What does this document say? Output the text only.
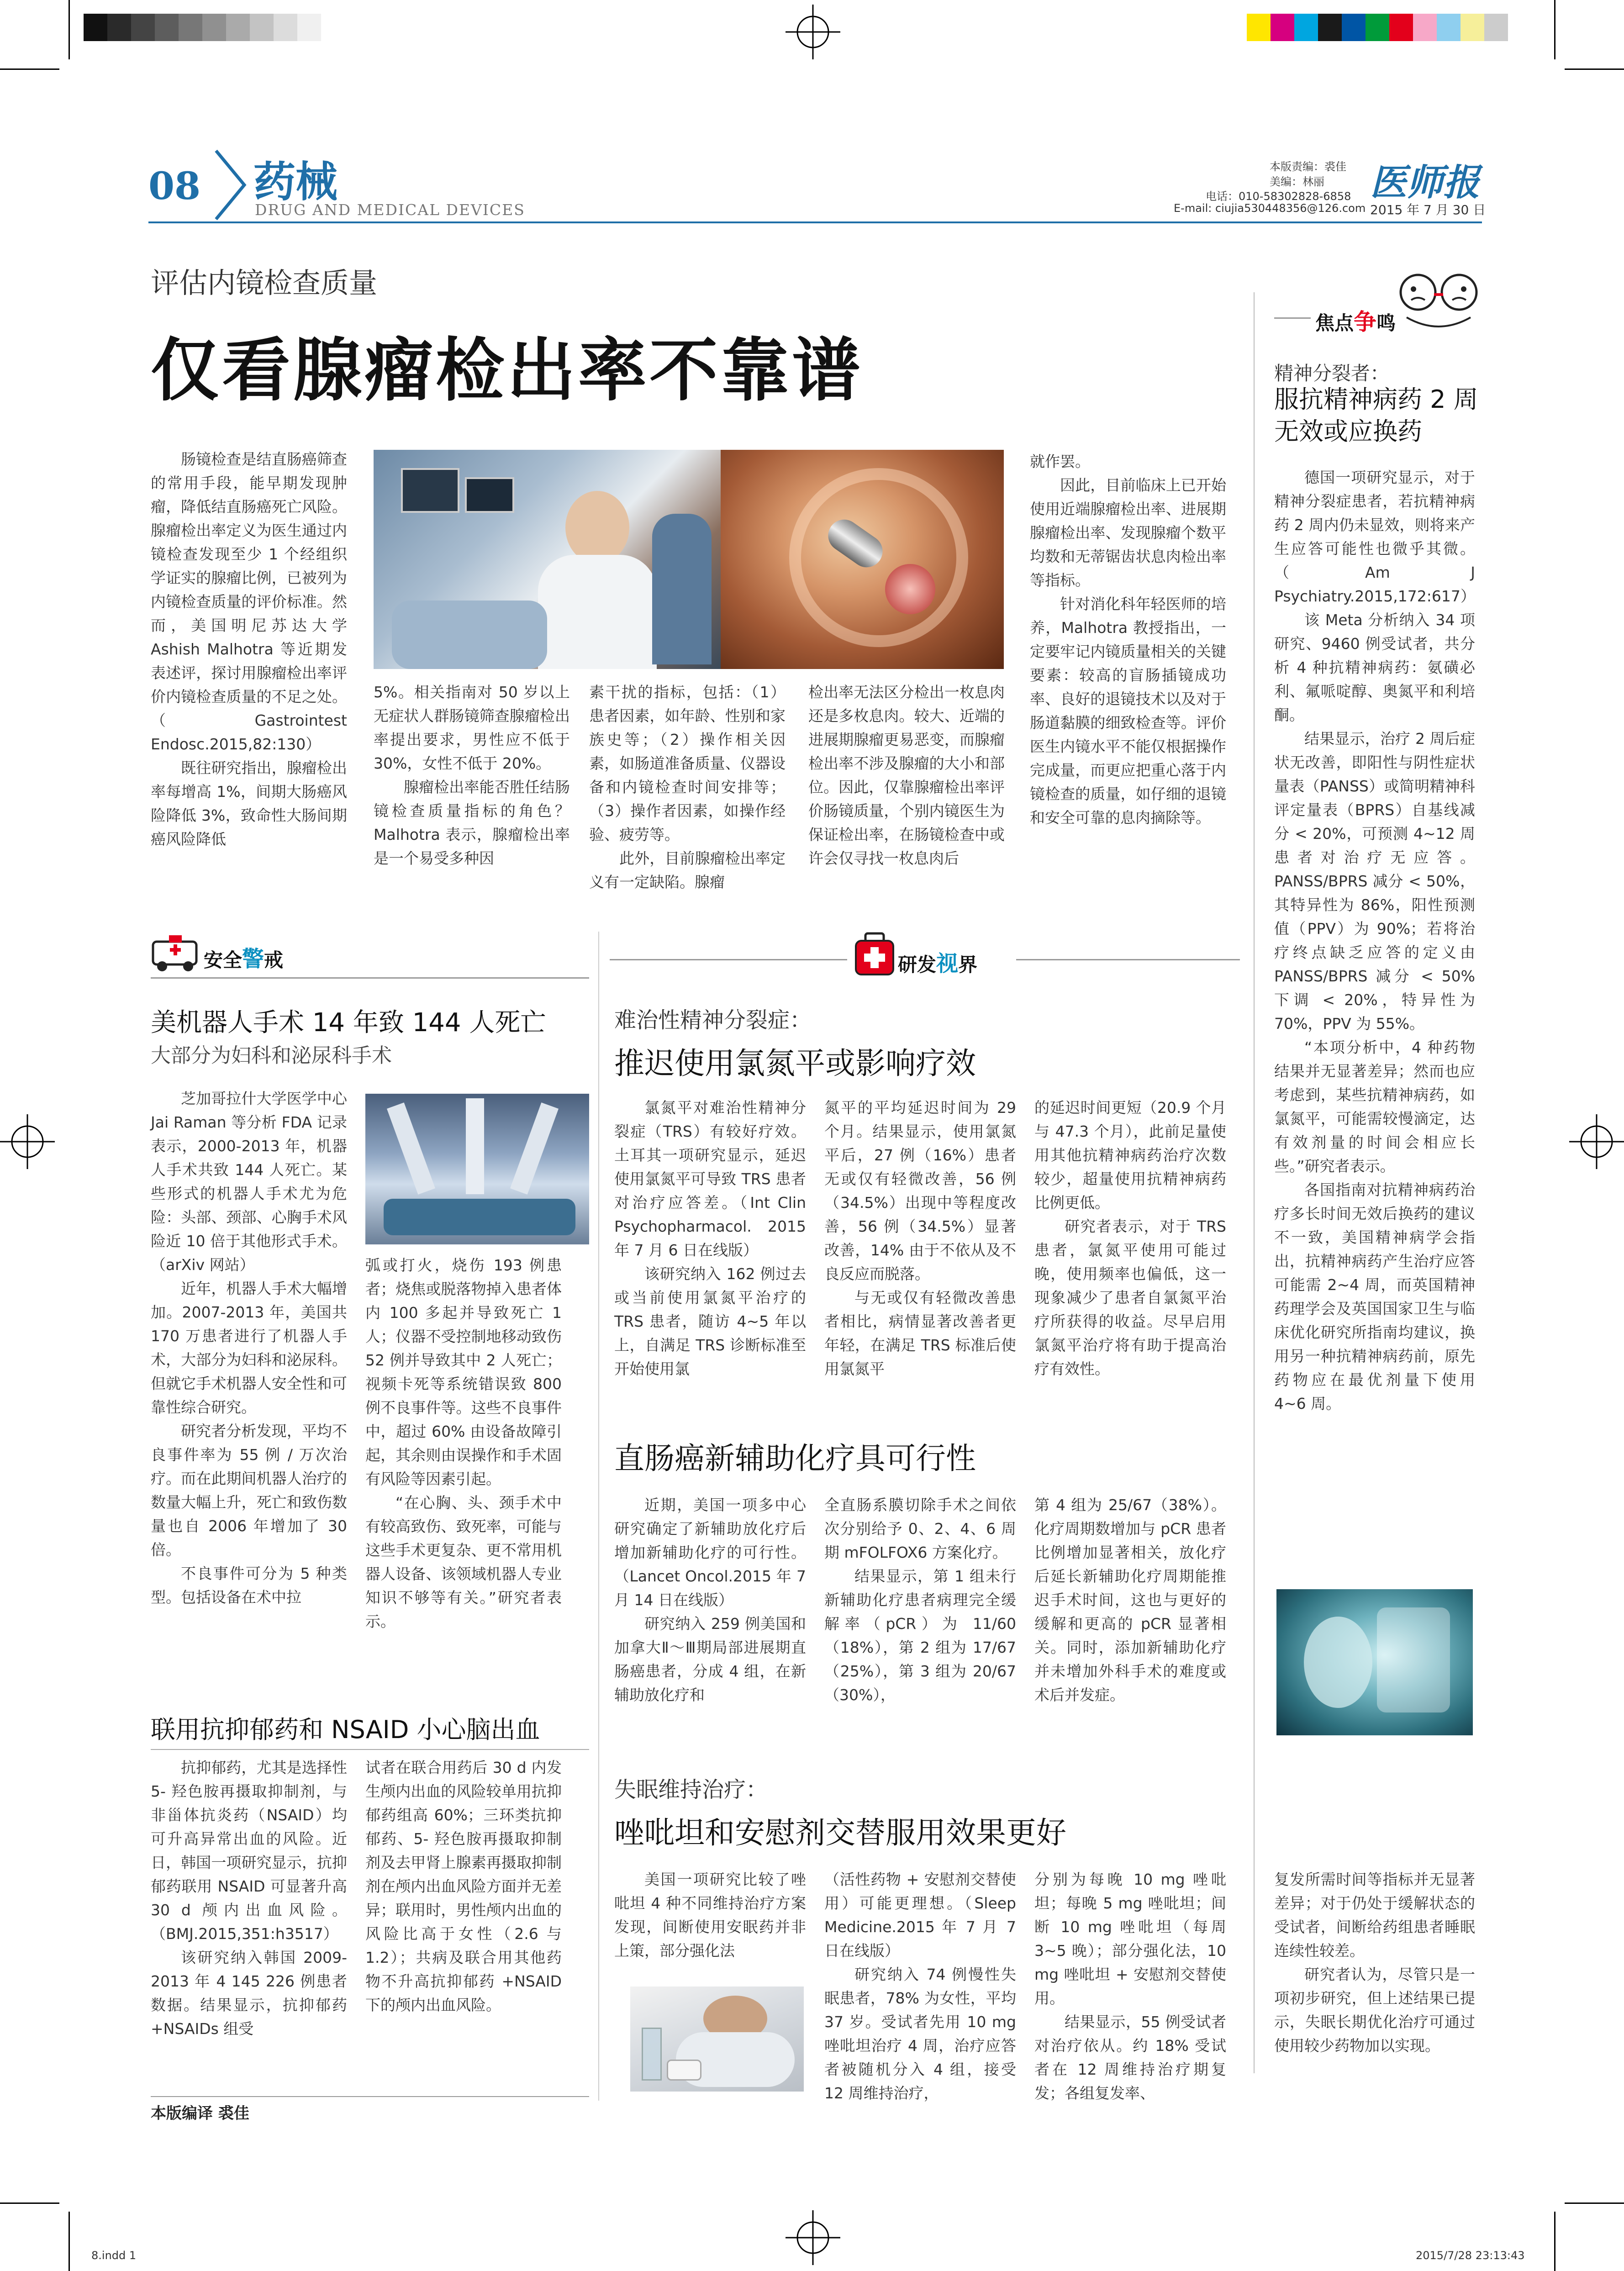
08 药械
DRUG AND MEDICAL DEVICES
本版责编：裘佳
美编：林丽
电话：010-58302828-6858
E-mail: ciujia530448356@126.com
医师报
2015 年 7 月 30 日
评估内镜检查质量
仅看腺瘤检出率不靠谱

肠镜检查是结直肠癌筛查的常用手段，能早期发现肿瘤，降低结直肠癌死亡风险。腺瘤检出率定义为医生通过内镜检查发现至少 1 个经组织学证实的腺瘤比例，已被列为内镜检查质量的评价标准。然而，美国明尼苏达大学 Ashish Malhotra 等近期发表述评，探讨用腺瘤检出率评价内镜检查质量的不足之处。（Gastrointest Endosc.2015,82:130）

既往研究指出，腺瘤检出率每增高 1%，间期大肠癌风险降低 3%，致命性大肠间期癌风险降低

5%。相关指南对 50 岁以上无症状人群肠镜筛查腺瘤检出率提出要求，男性应不低于 30%，女性不低于 20%。

腺瘤检出率能否胜任结肠镜检查质量指标的角色？Malhotra 表示，腺瘤检出率是一个易受多种因

素干扰的指标，包括：（1）患者因素，如年龄、性别和家族史等；（2）操作相关因素，如肠道准备质量、仪器设备和内镜检查时间安排等；（3）操作者因素，如操作经验、疲劳等。

此外，目前腺瘤检出率定义有一定缺陷。腺瘤

检出率无法区分检出一枚息肉还是多枚息肉。较大、近端的进展期腺瘤更易恶变，而腺瘤检出率不涉及腺瘤的大小和部位。因此，仅靠腺瘤检出率评价肠镜质量，个别内镜医生为保证检出率，在肠镜检查中或许会仅寻找一枚息肉后

就作罢。

因此，目前临床上已开始使用近端腺瘤检出率、进展期腺瘤检出率、发现腺瘤个数平均数和无蒂锯齿状息肉检出率等指标。

针对消化科年轻医师的培养，Malhotra 教授指出，一定要牢记内镜质量相关的关键要素：较高的盲肠插镜成功率、良好的退镜技术以及对于肠道黏膜的细致检查等。评价医生内镜水平不能仅根据操作完成量，而更应把重心落于内镜检查的质量，如仔细的退镜和安全可靠的息肉摘除等。

安全 警 戒
美机器人手术 14 年致 144 人死亡
大部分为妇科和泌尿科手术

芝加哥拉什大学医学中心 Jai Raman 等分析 FDA 记录表示，2000-2013 年，机器人手术共致 144 人死亡。某些形式的机器人手术尤为危险：头部、颈部、心胸手术风险近 10 倍于其他形式手术。（arXiv 网站）

近年，机器人手术大幅增加。2007-2013 年，美国共 170 万患者进行了机器人手术，大部分为妇科和泌尿科。但就它手术机器人安全性和可靠性综合研究。

研究者分析发现，平均不良事件率为 55 例 / 万次治疗。而在此期间机器人治疗的数量大幅上升，死亡和致伤数量也自 2006 年增加了 30 倍。

不良事件可分为 5 种类型。包括设备在术中拉

弧或打火，烧伤 193 例患者；烧焦或脱落物掉入患者体内 100 多起并导致死亡 1 人；仪器不受控制地移动致伤 52 例并导致其中 2 人死亡；视频卡死等系统错误致 800 例不良事件等。这些不良事件中，超过 60% 由设备故障引起，其余则由误操作和手术固有风险等因素引起。

“在心胸、头、颈手术中有较高致伤、致死率，可能与这些手术更复杂、更不常用机器人设备、该领域机器人专业知识不够等有关。”研究者表示。

联用抗抑郁药和 NSAID 小心脑出血

抗抑郁药，尤其是选择性 5- 羟色胺再摄取抑制剂，与非甾体抗炎药（NSAID）均可升高异常出血的风险。近日，韩国一项研究显示，抗抑郁药联用 NSAID 可显著升高 30 d 颅内出血风险。（BMJ.2015,351:h3517）

该研究纳入韩国 2009-2013 年 4 145 226 例患者数据。结果显示，抗抑郁药 +NSAIDs 组受

试者在联合用药后 30 d 内发生颅内出血的风险较单用抗抑郁药组高 60%；三环类抗抑郁药、5- 羟色胺再摄取抑制剂及去甲肾上腺素再摄取抑制剂在颅内出血风险方面并无差异；联用时，男性颅内出血的风险比高于女性（2.6 与 1.2）；共病及联合用其他药物不升高抗抑郁药 +NSAID 下的颅内出血风险。

本版编译 裘佳
研发 视 界
难治性精神分裂症：
推迟使用氯氮平或影响疗效

氯氮平对难治性精神分裂症（TRS）有较好疗效。土耳其一项研究显示，延迟使用氯氮平可导致 TRS 患者对治疗应答差。（Int Clin Psychopharmacol. 2015 年 7 月 6 日在线版）

该研究纳入 162 例过去或当前使用氯氮平治疗的 TRS 患者，随访 4~5 年以上，自满足 TRS 诊断标准至开始使用氯

氮平的平均延迟时间为 29 个月。结果显示，使用氯氮平后，27 例（16%）患者无或仅有轻微改善，56 例（34.5%）出现中等程度改善，56 例（34.5%）显著改善，14% 由于不依从及不良反应而脱落。

与无或仅有轻微改善患者相比，病情显著改善者更年轻，在满足 TRS 标准后使用氯氮平

的延迟时间更短（20.9 个月与 47.3 个月），此前足量使用其他抗精神病药治疗次数较少，超量使用抗精神病药比例更低。

研究者表示，对于 TRS 患者，氯氮平使用可能过晚，使用频率也偏低，这一现象减少了患者自氯氮平治疗所获得的收益。尽早启用氯氮平治疗将有助于提高治疗有效性。

直肠癌新辅助化疗具可行性

近期，美国一项多中心研究确定了新辅助放化疗后增加新辅助化疗的可行性。（Lancet Oncol.2015 年 7 月 14 日在线版）

研究纳入 259 例美国和加拿大Ⅱ～Ⅲ期局部进展期直肠癌患者，分成 4 组，在新辅助放化疗和

全直肠系膜切除手术之间依次分别给予 0、2、4、6 周期 mFOLFOX6 方案化疗。

结果显示，第 1 组未行新辅助化疗患者病理完全缓解率（pCR）为 11/60（18%），第 2 组为 17/67（25%），第 3 组为 20/67（30%），

第 4 组为 25/67（38%）。化疗周期数增加与 pCR 患者比例增加显著相关，放化疗后延长新辅助化疗周期能推迟手术时间，这也与更好的缓解和更高的 pCR 显著相关。同时，添加新辅助化疗并未增加外科手术的难度或术后并发症。

失眠维持治疗：
唑吡坦和安慰剂交替服用效果更好

美国一项研究比较了唑吡坦 4 种不同维持治疗方案发现，间断使用安眠药并非上策，部分强化法

（活性药物 + 安慰剂交替使用）可能更理想。（Sleep Medicine.2015 年 7 月 7 日在线版）

研究纳入 74 例慢性失眠患者，78% 为女性，平均 37 岁。受试者先用 10 mg 唑吡坦治疗 4 周，治疗应答者被随机分入 4 组，接受 12 周维持治疗，

分别为每晚 10 mg 唑吡坦；每晚 5 mg 唑吡坦；间断 10 mg 唑吡坦（每周 3~5 晚）；部分强化法，10 mg 唑吡坦 + 安慰剂交替使用。

结果显示，55 例受试者对治疗依从。约 18% 受试者在 12 周维持治疗期复发；各组复发率、

复发所需时间等指标并无显著差异；对于仍处于缓解状态的受试者，间断给药组患者睡眠连续性较差。

研究者认为，尽管只是一项初步研究，但上述结果已提示，失眠长期优化治疗可通过使用较少药物加以实现。

焦点争鸣
精神分裂者：
服抗精神病药 2 周无效或应换药

德国一项研究显示，对于精神分裂症患者，若抗精神病药 2 周内仍未显效，则将来产生应答可能性也微乎其微。（Am J Psychiatry.2015,172:617）

该 Meta 分析纳入 34 项研究、9460 例受试者，共分析 4 种抗精神病药：氨磺必利、氟哌啶醇、奥氮平和利培酮。

结果显示，治疗 2 周后症状无改善，即阳性与阴性症状量表（PANSS）或简明精神科评定量表（BPRS）自基线减分 < 20%，可预测 4~12 周患者对治疗无应答。PANSS/BPRS 减分 < 50%，其特异性为 86%，阳性预测值（PPV）为 90%；若将治疗终点缺乏应答的定义由 PANSS/BPRS 减分 < 50% 下调 < 20%，特异性为 70%，PPV 为 55%。

“本项分析中，4 种药物结果并无显著差异；然而也应考虑到，某些抗精神病药，如氯氮平，可能需较慢滴定，达有效剂量的时间会相应长些。”研究者表示。

各国指南对抗精神病药治疗多长时间无效后换药的建议不一致，美国精神病学会指出，抗精神病药产生治疗应答可能需 2~4 周，而英国精神药理学会及英国国家卫生与临床优化研究所指南均建议，换用另一种抗精神病药前，原先药物应在最优剂量下使用 4~6 周。

8.indd 1	2015/7/28 23:13:43
